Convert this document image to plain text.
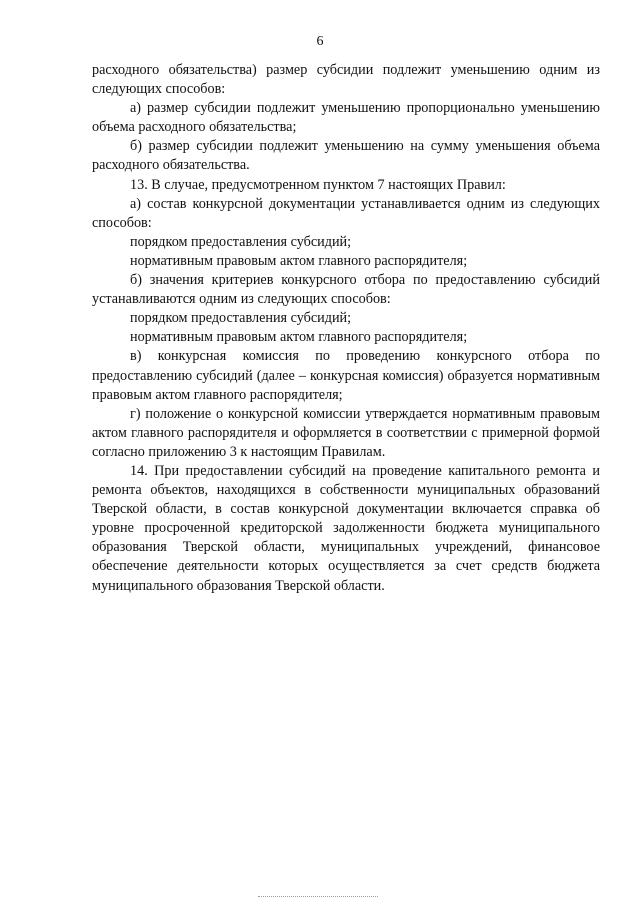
6

расходного обязательства) размер субсидии подлежит уменьшению одним из следующих способов:

а) размер субсидии подлежит уменьшению пропорционально уменьшению объема расходного обязательства;

б) размер субсидии подлежит уменьшению на сумму уменьшения объема расходного обязательства.

13. В случае, предусмотренном пунктом 7 настоящих Правил:

а) состав конкурсной документации устанавливается одним из следующих способов:

порядком предоставления субсидий;

нормативным правовым актом главного распорядителя;

б) значения критериев конкурсного отбора по предоставлению субсидий устанавливаются одним из следующих способов:

порядком предоставления субсидий;

нормативным правовым актом главного распорядителя;

в) конкурсная комиссия по проведению конкурсного отбора по предоставлению субсидий (далее – конкурсная комиссия) образуется нормативным правовым актом главного распорядителя;

г) положение о конкурсной комиссии утверждается нормативным правовым актом главного распорядителя и оформляется в соответствии с примерной формой согласно приложению 3 к настоящим Правилам.

14. При предоставлении субсидий на проведение капитального ремонта и ремонта объектов, находящихся в собственности муниципальных образований Тверской области, в состав конкурсной документации включается справка об уровне просроченной кредиторской задолженности бюджета муниципального образования Тверской области, муниципальных учреждений, финансовое обеспечение деятельности которых осуществляется за счет средств бюджета муниципального образования Тверской области.
